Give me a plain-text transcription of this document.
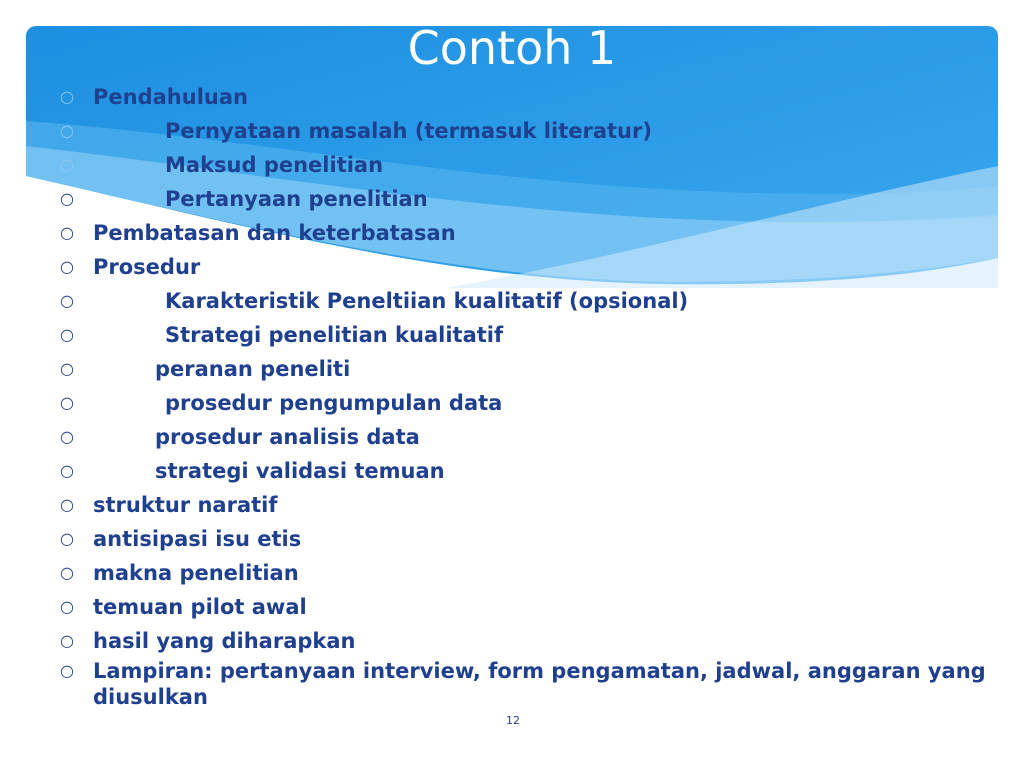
Contoh 1
○ Pendahuluan
○	Pernyataan masalah (termasuk literatur)
○	Maksud penelitian
○	Pertanyaan penelitian
○ Pembatasan dan keterbatasan
○ Prosedur
○	Karakteristik Peneltiian kualitatif (opsional)
○	Strategi penelitian kualitatif
○	peranan peneliti
○	prosedur pengumpulan data
○	prosedur analisis data
○	strategi validasi temuan
○ struktur naratif
○ antisipasi isu etis
○ makna penelitian
○ temuan pilot awal
○ hasil yang diharapkan
○ Lampiran: pertanyaan interview, form pengamatan, jadwal, anggaran yang diusulkan
12
